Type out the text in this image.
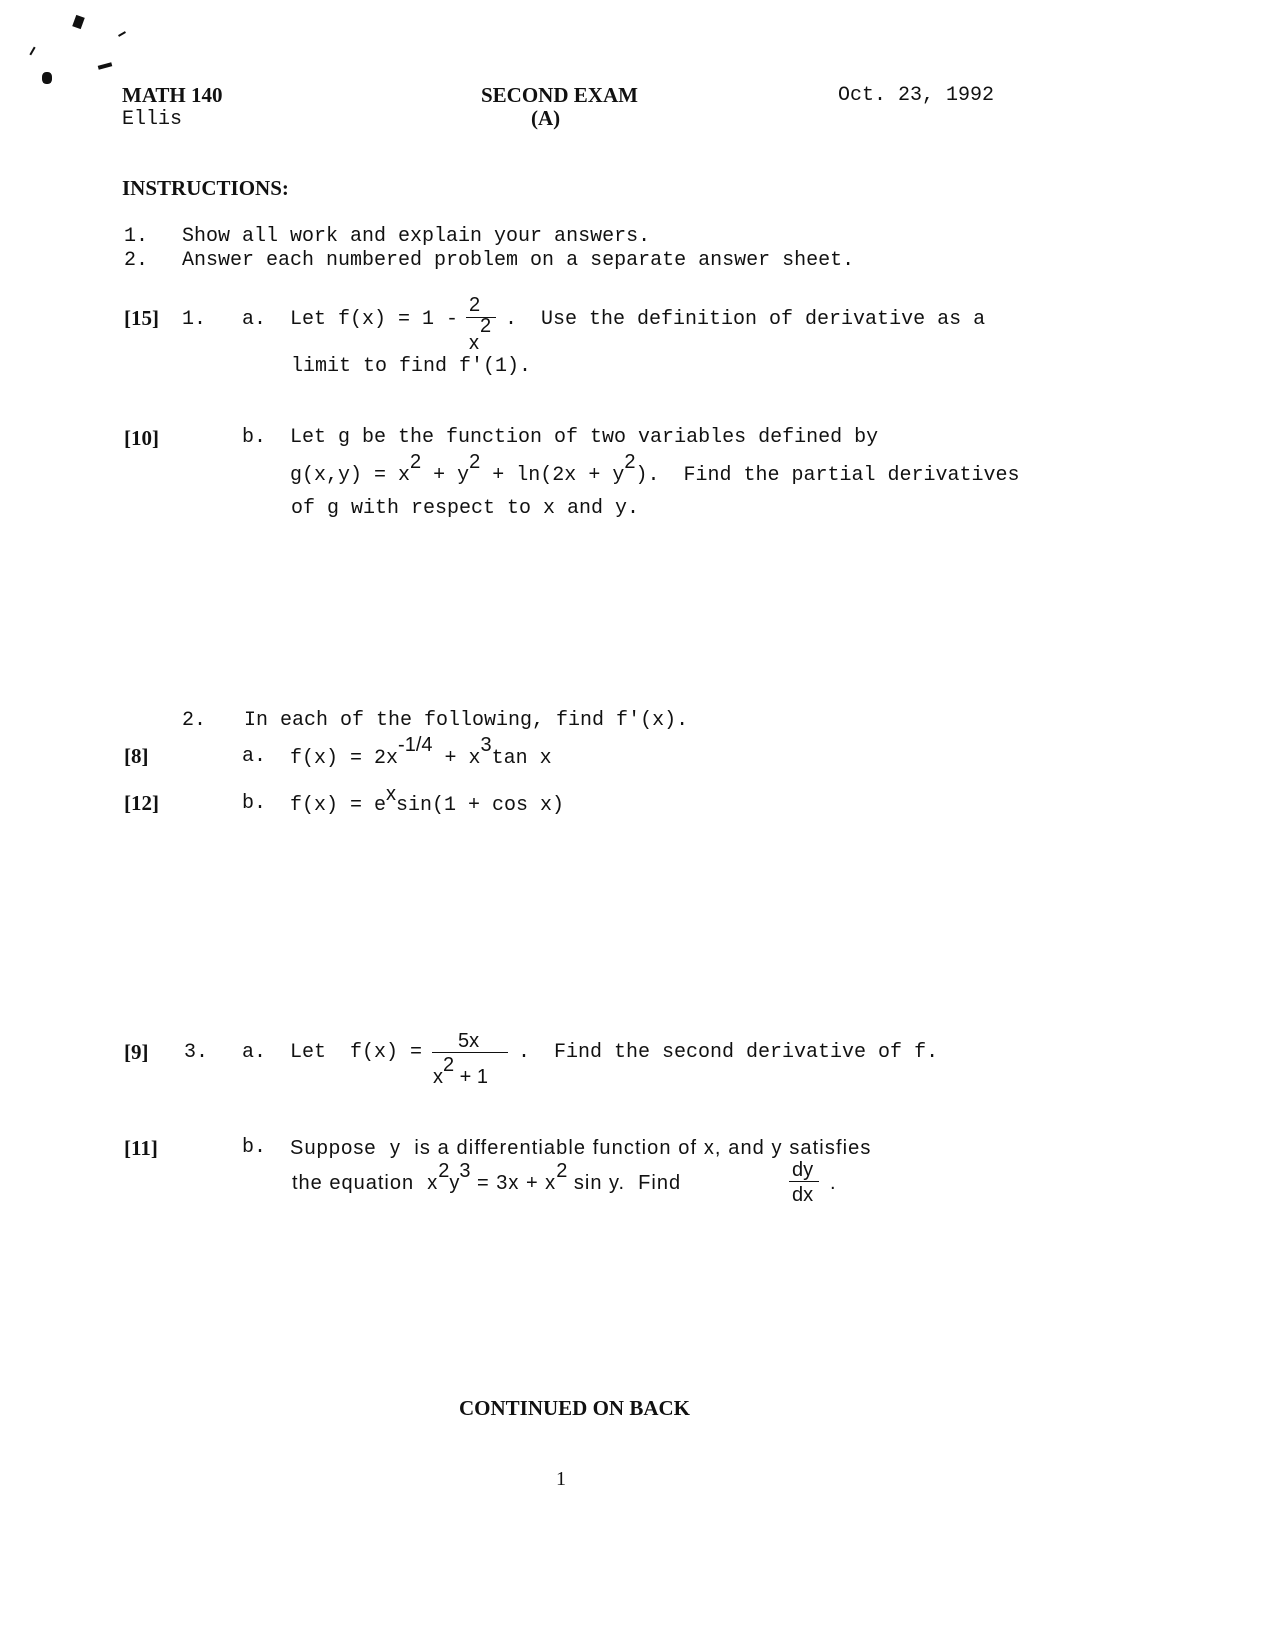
MATH 140
Ellis
SECOND EXAM
(A)
Oct. 23, 1992
INSTRUCTIONS:
1. Show all work and explain your answers.
2. Answer each numbered problem on a separate answer sheet.
[15] 1. a. Let f(x) = 1 -
2
2
x
.  Use the definition of derivative as a
limit to find f′(1).
[10]	b. Let g be the function of two variables defined by
g(x,y) = x2 + y2 + ln(2x + y2).  Find the partial derivatives
of g with respect to x and y.
2. In each of the following, find f′(x).
[8]	a. f(x) = 2x-1/4 + x3tan x
[12]	b. f(x) = exsin(1 + cos x)
[9] 3. a. Let  f(x) = 5x
x2 + 1
.  Find the second derivative of f.
[11]	b. Suppose  y  is a differentiable function of x, and y satisfies
the equation  x2y3 = 3x + x2 sin y.  Find
dy
dx
.
CONTINUED ON BACK
1
